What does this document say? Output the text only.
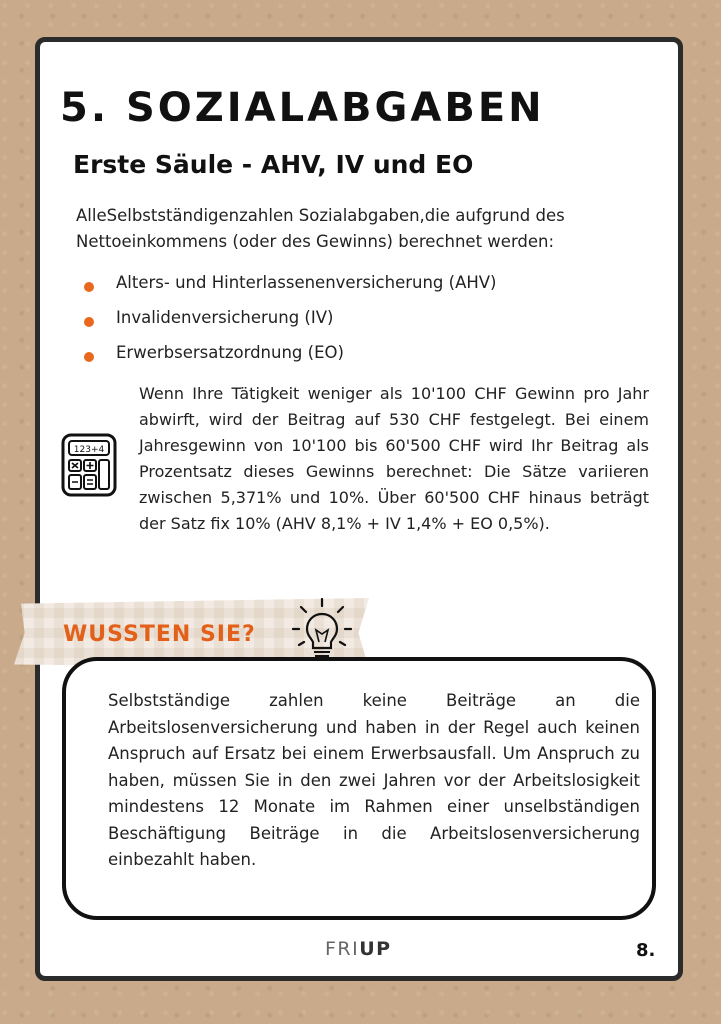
5. SOZIALABGABEN
Erste Säule - AHV, IV und EO
AlleSelbstständigenzahlen Sozialabgaben,die aufgrund des Nettoeinkommens (oder des Gewinns) berechnet werden:
Alters- und Hinterlassenenversicherung (AHV)
Invalidenversicherung (IV)
Erwerbsersatzordnung (EO)
123+4
Wenn Ihre Tätigkeit weniger als 10'100 CHF Gewinn pro Jahr abwirft, wird der Beitrag auf 530 CHF festgelegt. Bei einem Jahresgewinn von 10'100 bis 60'500 CHF wird Ihr Beitrag als Prozentsatz dieses Gewinns berechnet: Die Sätze variieren zwischen 5,371% und 10%. Über 60'500 CHF hinaus beträgt der Satz fix 10% (AHV 8,1% + IV 1,4% + EO 0,5%).
WUSSTEN SIE?
Selbstständige zahlen keine Beiträge an die Arbeitslosenversicherung und haben in der Regel auch keinen Anspruch auf Ersatz bei einem Erwerbsausfall. Um Anspruch zu haben, müssen Sie in den zwei Jahren vor der Arbeitslosigkeit mindestens 12 Monate im Rahmen einer unselbständigen Beschäftigung Beiträge in die Arbeitslosenversicherung einbezahlt haben.
FRIUP	8.
